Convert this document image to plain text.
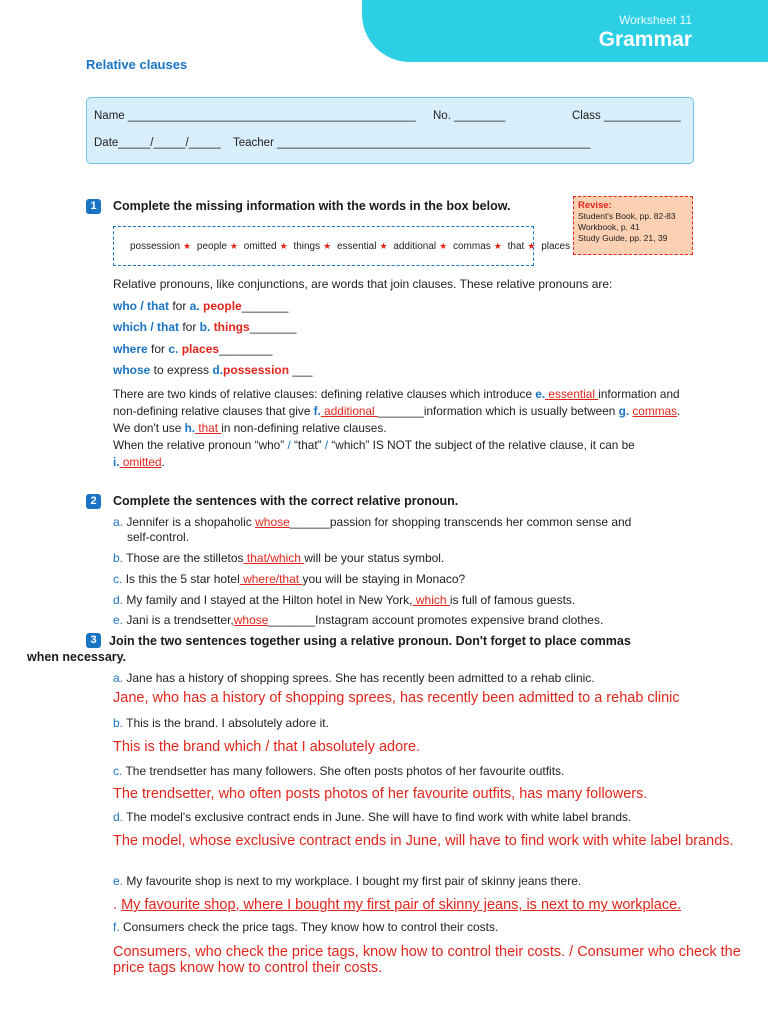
Worksheet 11
Grammar
Relative clauses
Name _____________________________________________ No. ________	Class ____________
Date_____/_____/_____ Teacher _________________________________________________
1	Complete the missing information with the words in the box below.
possession ★ people ★ omitted ★ things ★ essential ★ additional ★ commas ★ that ★ places
Revise:
Student's Book, pp. 82-83
Workbook, p. 41
Study Guide, pp. 21, 39
Relative pronouns, like conjunctions, are words that join clauses. These relative pronouns are:
who / that for a. people_______
which / that for b. things_______
where for c. places________
whose to express d.possession ___
There are two kinds of relative clauses: defining relative clauses which introduce e. essential information and non-defining relative clauses that give f. additional _______information which is usually between g. commas. We don't use h. that in non-defining relative clauses.
When the relative pronoun “who” / “that” / “which” IS NOT the subject of the relative clause, it can be
i. omitted.
2	Complete the sentences with the correct relative pronoun.
a. Jennifer is a shopaholic whose______passion for shopping transcends her common sense and
self-control.
b. Those are the stilletos that/which will be your status symbol.
c. Is this the 5 star hotel where/that you will be staying in Monaco?
d. My family and I stayed at the Hilton hotel in New York, which is full of famous guests.
e. Jani is a trendsetter,whose_______Instagram account promotes expensive brand clothes.
3 Join the two sentences together using a relative pronoun. Don't forget to place commas
when necessary.
a. Jane has a history of shopping sprees. She has recently been admitted to a rehab clinic.
Jane, who has a history of shopping sprees, has recently been admitted to a rehab clinic
b. This is the brand. I absolutely adore it.
This is the brand which / that I absolutely adore.
c. The trendsetter has many followers. She often posts photos of her favourite outfits.
The trendsetter, who often posts photos of her favourite outfits, has many followers.
d. The model's exclusive contract ends in June. She will have to find work with white label brands.
The model, whose exclusive contract ends in June, will have to find work with white label brands.
e. My favourite shop is next to my workplace. I bought my first pair of skinny jeans there.
. My favourite shop, where I bought my first pair of skinny jeans, is next to my workplace.
f. Consumers check the price tags. They know how to control their costs.
Consumers, who check the price tags, know how to control their costs. / Consumer who check the price tags know how to control their costs.
